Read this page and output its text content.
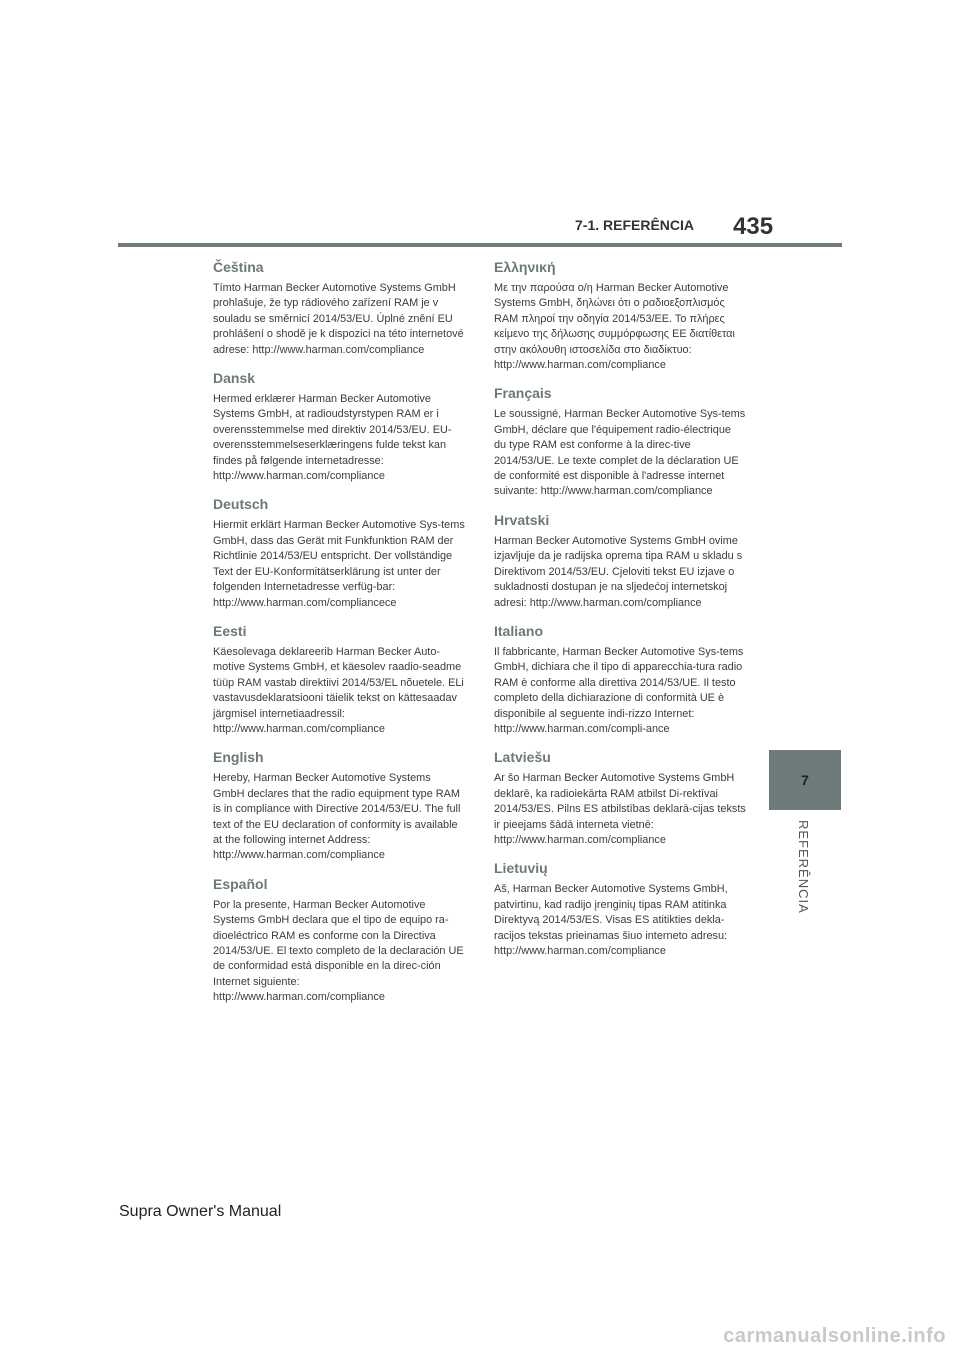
7-1. REFERÊNCIA 435
7
REFERÊNCIA
Čeština

Tímto Harman Becker Automotive Systems GmbH prohlašuje, že typ rádiového zařízení RAM je v souladu se směrnicí 2014/53/EU. Úplné znění EU prohlášení o shodě je k dispozici na této internetové adrese: http://www.harman.com/compliance

Dansk

Hermed erklærer Harman Becker Automotive Systems GmbH, at radioudstyrstypen RAM er i overensstemmelse med direktiv 2014/53/EU. EU-overensstemmelseserklæringens fulde tekst kan findes på følgende internetadresse: http://www.harman.com/compliance

Deutsch

Hiermit erklärt Harman Becker Automotive Sys-tems GmbH, dass das Gerät mit Funkfunktion RAM der Richtlinie 2014/53/EU entspricht. Der vollständige Text der EU-Konformitätserklärung ist unter der folgenden Internetadresse verfüg-bar: http://www.harman.com/compliancece

Eesti

Käesolevaga deklareerib Harman Becker Auto-motive Systems GmbH, et käesolev raadio-seadme tüüp RAM vastab direktiivi 2014/53/EL nõuetele. ELi vastavusdeklaratsiooni täielik tekst on kättesaadav järgmisel internetiaadressil: http://www.harman.com/compliance

English

Hereby, Harman Becker Automotive Systems GmbH declares that the radio equipment type RAM is in compliance with Directive 2014/53/EU. The full text of the EU declaration of conformity is available at the following internet Address: http://www.harman.com/compliance

Español

Por la presente, Harman Becker Automotive Systems GmbH declara que el tipo de equipo ra-dioeléctrico RAM es conforme con la Directiva 2014/53/UE. El texto completo de la declaración UE de conformidad está disponible en la direc-ción Internet siguiente: http://www.harman.com/compliance

Ελληνική

Με την παρούσα ο/η Harman Becker Automotive Systems GmbH, δηλώνει ότι ο ραδιοεξοπλισμός RAM πληροί την οδηγία 2014/53/ΕΕ. Το πλήρες κείμενο της δήλωσης συμμόρφωσης ΕΕ διατίθεται στην ακόλουθη ιστοσελίδα στο διαδίκτυο: http://www.harman.com/compliance

Français

Le soussigné, Harman Becker Automotive Sys-tems GmbH, déclare que l'équipement radio-électrique du type RAM est conforme à la direc-tive 2014/53/UE. Le texte complet de la déclaration UE de conformité est disponible à l'adresse internet suivante: http://www.harman.com/compliance

Hrvatski

Harman Becker Automotive Systems GmbH ovime izjavljuje da je radijska oprema tipa RAM u skladu s Direktivom 2014/53/EU. Cjeloviti tekst EU izjave o sukladnosti dostupan je na sljedećoj internetskoj adresi: http://www.harman.com/compliance

Italiano

Il fabbricante, Harman Becker Automotive Sys-tems GmbH, dichiara che il tipo di apparecchia-tura radio RAM è conforme alla direttiva 2014/53/UE. Il testo completo della dichiarazione di conformità UE è disponibile al seguente indi-rizzo Internet: http://www.harman.com/compli-ance

Latviešu

Ar šo Harman Becker Automotive Systems GmbH deklarē, ka radioiekārta RAM atbilst Di-rektīvai 2014/53/ES. Pilns ES atbilstības deklarā-cijas teksts ir pieejams šādā interneta vietnē: http://www.harman.com/compliance

Lietuvių

Aš, Harman Becker Automotive Systems GmbH, patvirtinu, kad radijo įrenginių tipas RAM atitinka Direktyvą 2014/53/ES. Visas ES atitikties dekla-racijos tekstas prieinamas šiuo interneto adresu: http://www.harman.com/compliance

Supra Owner's Manual
carmanualsonline.info
